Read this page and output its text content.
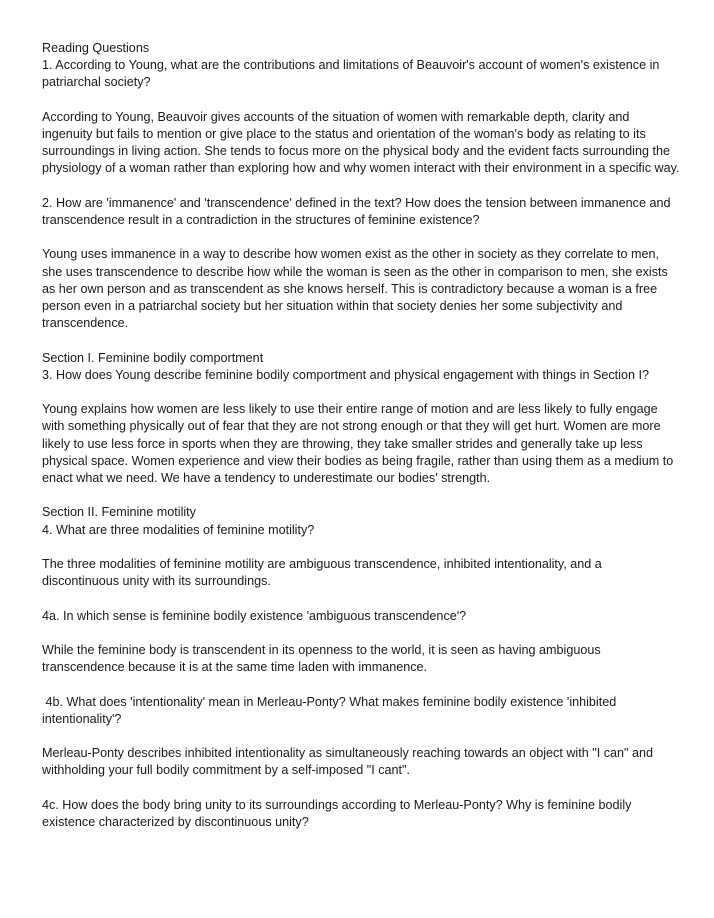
Reading Questions

1. According to Young, what are the contributions and limitations of Beauvoir's account of women's existence in patriarchal society?

According to Young, Beauvoir gives accounts of the situation of women with remarkable depth, clarity and ingenuity but fails to mention or give place to the status and orientation of the woman's body as relating to its surroundings in living action. She tends to focus more on the physical body and the evident facts surrounding the physiology of a woman rather than exploring how and why women interact with their environment in a specific way.

2. How are 'immanence' and 'transcendence' defined in the text? How does the tension between immanence and transcendence result in a contradiction in the structures of feminine existence?

Young uses immanence in a way to describe how women exist as the other in society as they correlate to men, she uses transcendence to describe how while the woman is seen as the other in comparison to men, she exists as her own person and as transcendent as she knows herself. This is contradictory because a woman is a free person even in a patriarchal society but her situation within that society denies her some subjectivity and transcendence.

Section I. Feminine bodily comportment

3. How does Young describe feminine bodily comportment and physical engagement with things in Section I?

Young explains how women are less likely to use their entire range of motion and are less likely to fully engage with something physically out of fear that they are not strong enough or that they will get hurt. Women are more likely to use less force in sports when they are throwing, they take smaller strides and generally take up less physical space. Women experience and view their bodies as being fragile, rather than using them as a medium to enact what we need. We have a tendency to underestimate our bodies' strength.

Section II. Feminine motility

4. What are three modalities of feminine motility?

The three modalities of feminine motility are ambiguous transcendence, inhibited intentionality, and a discontinuous unity with its surroundings.

4a. In which sense is feminine bodily existence 'ambiguous transcendence'?

While the feminine body is transcendent in its openness to the world, it is seen as having ambiguous transcendence because it is at the same time laden with immanence.

4b. What does 'intentionality' mean in Merleau-Ponty? What makes feminine bodily existence 'inhibited intentionality'?

Merleau-Ponty describes inhibited intentionality as simultaneously reaching towards an object with "I can" and withholding your full bodily commitment by a self-imposed "I cant".

4c. How does the body bring unity to its surroundings according to Merleau-Ponty? Why is feminine bodily existence characterized by discontinuous unity?
